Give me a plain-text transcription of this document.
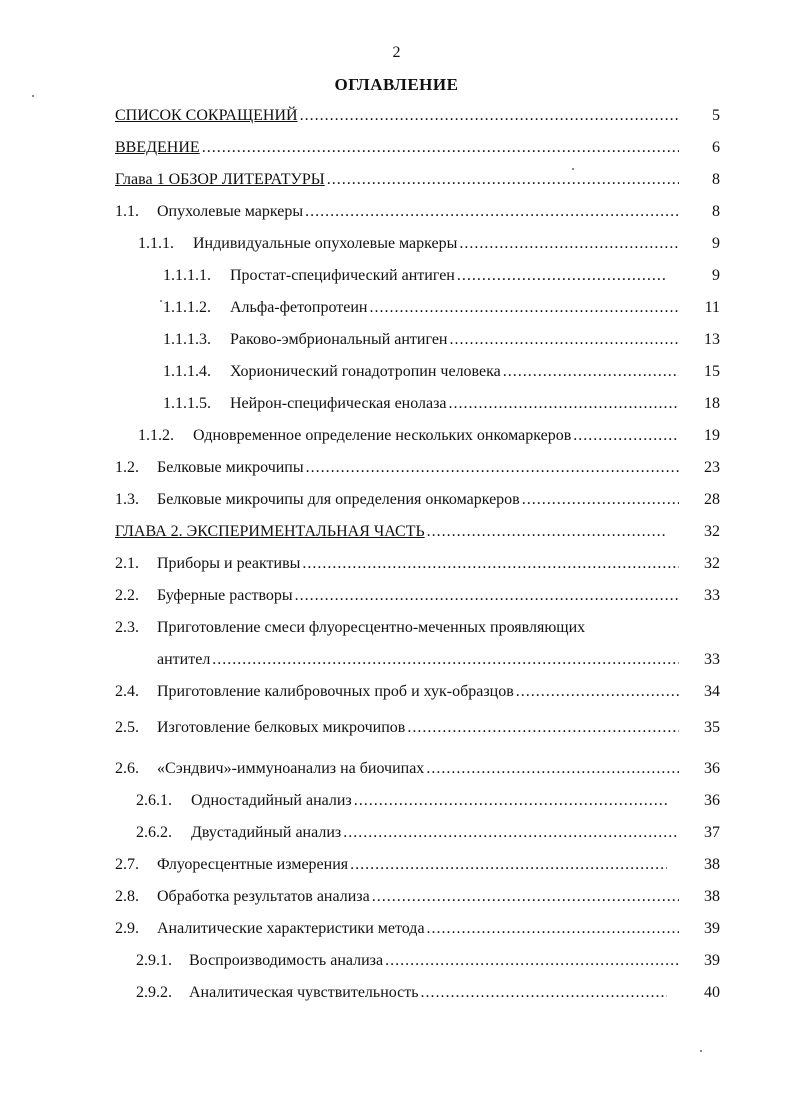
2
ОГЛАВЛЕНИЕ
СПИСОК СОКРАЩЕНИЙ .....	5
ВВЕДЕНИЕ .....	6
Глава 1 ОБЗОР ЛИТЕРАТУРЫ .....	8
1.1.	Опухолевые маркеры .....	8
1.1.1.	Индивидуальные опухолевые маркеры .....	9
1.1.1.1.	Простат-специфический антиген .....	9
1.1.1.2.	Альфа-фетопротеин .....	11
1.1.1.3.	Раково-эмбриональный антиген .....	13
1.1.1.4.	Хорионический гонадотропин человека .....	15
1.1.1.5.	Нейрон-специфическая енолаза .....	18
1.1.2.	Одновременное определение нескольких онкомаркеров .....	19
1.2.	Белковые микрочипы .....	23
1.3.	Белковые микрочипы для определения онкомаркеров .....	28
ГЛАВА 2. ЭКСПЕРИМЕНТАЛЬНАЯ ЧАСТЬ .....	32
2.1.	Приборы и реактивы .....	32
2.2.	Буферные растворы .....	33
2.3.	Приготовление смеси флуоресцентно-меченных проявляющих
антител .....	33
2.4.	Приготовление калибровочных проб и хук-образцов .....	34
2.5.	Изготовление белковых микрочипов .....	35
2.6.	«Сэндвич»-иммуноанализ на биочипах .....	36
2.6.1.	Одностадийный анализ .....	36
2.6.2.	Двустадийный анализ .....	37
2.7.	Флуоресцентные измерения .....	38
2.8.	Обработка результатов анализа .....	38
2.9.	Аналитические характеристики метода .....	39
2.9.1.	Воспроизводимость анализа .....	39
2.9.2.	Аналитическая чувствительность .....	40
